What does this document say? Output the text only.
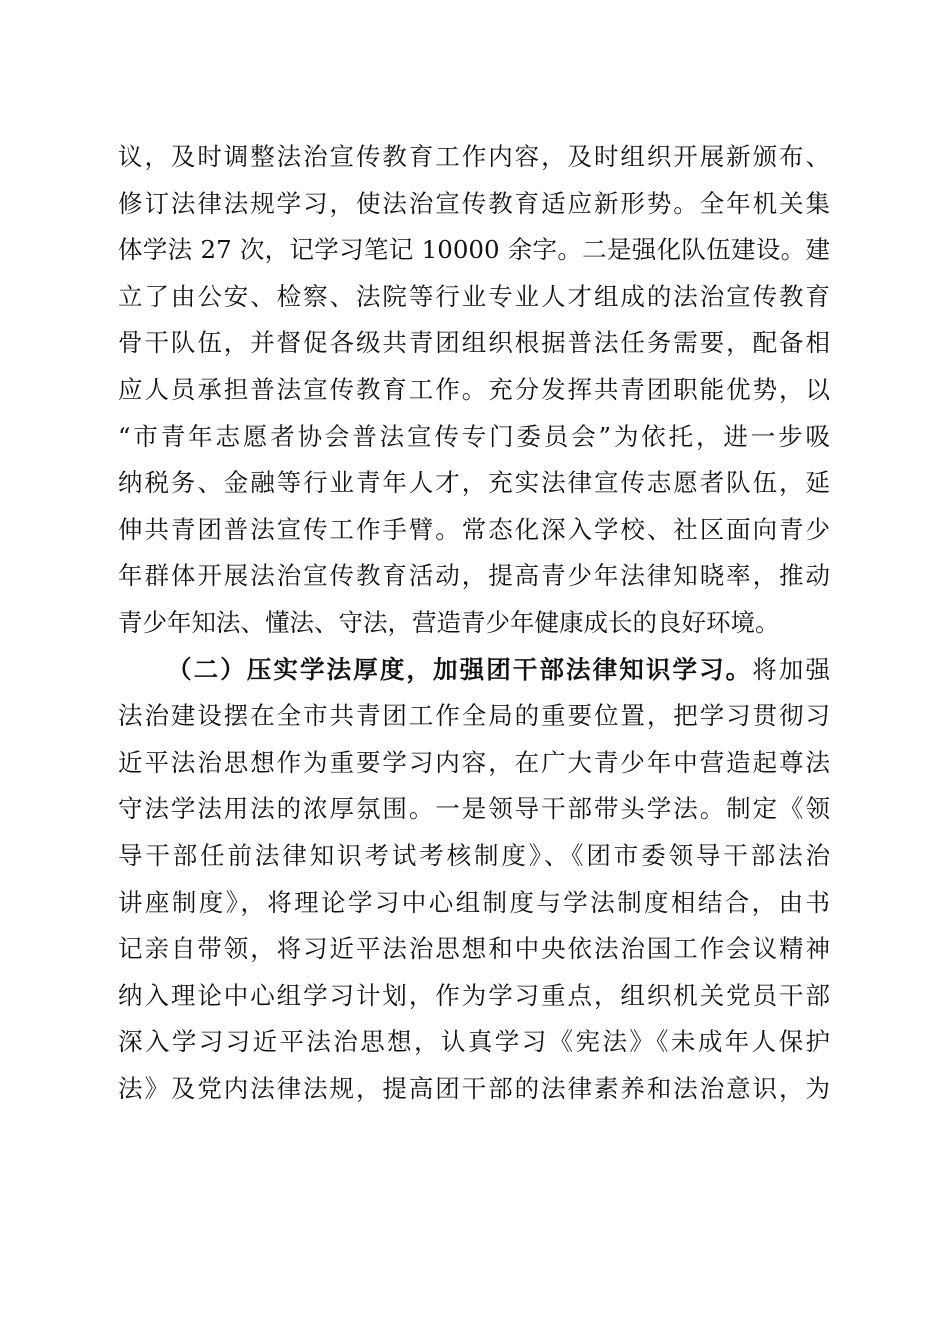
议，及时调整法治宣传教育工作内容，及时组织开展新颁布、
修订法律法规学习，使法治宣传教育适应新形势。全年机关集
体学法 27 次，记学习笔记 10000 余字。二是强化队伍建设。建
立了由公安、检察、法院等行业专业人才组成的法治宣传教育
骨干队伍，并督促各级共青团组织根据普法任务需要，配备相
应人员承担普法宣传教育工作。充分发挥共青团职能优势，以
“市青年志愿者协会普法宣传专门委员会”为依托，进一步吸
纳税务、金融等行业青年人才，充实法律宣传志愿者队伍，延
伸共青团普法宣传工作手臂。常态化深入学校、社区面向青少
年群体开展法治宣传教育活动，提高青少年法律知晓率，推动
青少年知法、懂法、守法，营造青少年健康成长的良好环境。
（二）压实学法厚度，加强团干部法律知识学习。将加强
法治建设摆在全市共青团工作全局的重要位置，把学习贯彻习
近平法治思想作为重要学习内容，在广大青少年中营造起尊法
守法学法用法的浓厚氛围。一是领导干部带头学法。制定《领
导干部任前法律知识考试考核制度》、《团市委领导干部法治
讲座制度》，将理论学习中心组制度与学法制度相结合，由书
记亲自带领，将习近平法治思想和中央依法治国工作会议精神
纳入理论中心组学习计划，作为学习重点，组织机关党员干部
深入学习习近平法治思想，认真学习《宪法》《未成年人保护
法》及党内法律法规，提高团干部的法律素养和法治意识，为
